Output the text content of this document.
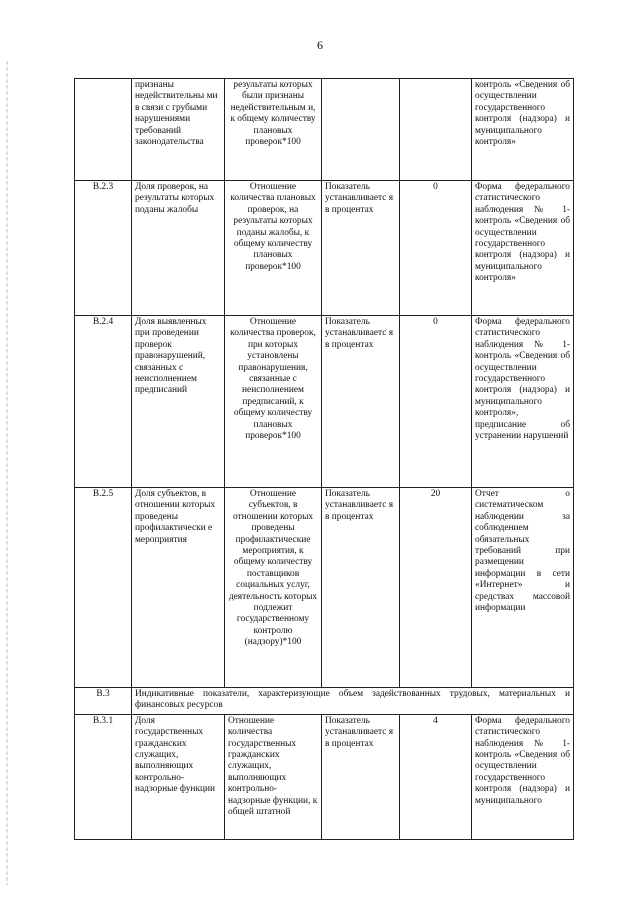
6
	признаны недействительны ми в связи с грубыми нарушениями требований законодательства	результаты которых были признаны недействительным и, к общему количеству плановых проверок*100			контроль «Сведения об осуществлении государственного контроля (надзора) и муниципального контроля»
В.2.3	Доля проверок, на результаты которых поданы жалобы	Отношение количества плановых проверок, на результаты которых поданы жалобы, к общему количеству плановых проверок*100	Показатель устанавливаетс я в процентах	0	Форма федерального статистического наблюдения № 1-контроль «Сведения об осуществлении государственного контроля (надзора) и муниципального контроля»
В.2.4	Доля выявленных при проведении проверок правонарушений, связанных с неисполнением предписаний	Отношение количества проверок, при которых установлены правонарушения, связанные с неисполнением предписаний, к общему количеству плановых проверок*100	Показатель устанавливаетс я в процентах	0	Форма федерального статистического наблюдения № 1-контроль «Сведения об осуществлении государственного контроля (надзора) и муниципального контроля», предписание об устранении нарушений
В.2.5	Доля субъектов, в отношении которых проведены профилактически е мероприятия	Отношение субъектов, в отношении которых проведены профилактические мероприятия, к общему количеству поставщиков социальных услуг, деятельность которых подлежит государственному контролю (надзору)*100	Показатель устанавливаетс я в процентах	20	Отчет о систематическом наблюдении за соблюдением обязательных требований при размещении информации в сети «Интернет» и средствах массовой информации
В.3	Индикативные показатели, характеризующие объем задействованных трудовых, материальных и финансовых ресурсов				
В.3.1	Доля государственных гражданских служащих, выполняющих контрольно-надзорные функции	Отношение количества государственных гражданских служащих, выполняющих контрольно-надзорные функции, к общей штатной	Показатель устанавливаетс я в процентах	4	Форма федерального статистического наблюдения № 1-контроль «Сведения об осуществлении государственного контроля (надзора) и муниципального
